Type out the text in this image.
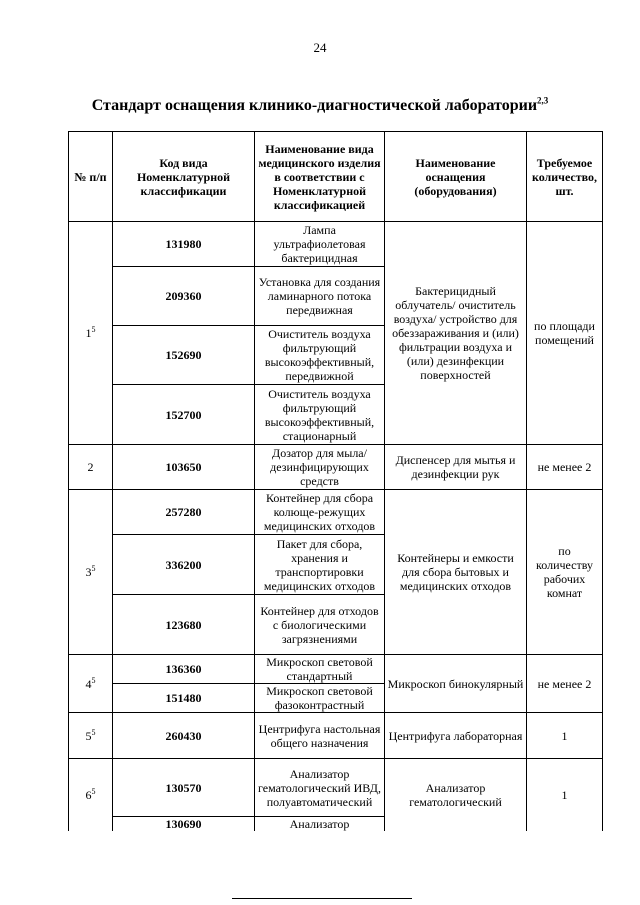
24
Стандарт оснащения клинико-диагностической лаборатории$^{2,3}$
№ п/п	Код вида Номенклатурной классификации	Наименование вида медицинского изделия в соответствии с Номенклатурной классификацией	Наименование оснащения (оборудования)	Требуемое количество, шт.
$1^5$	131980	Лампа ультрафиолетовая бактерицидная	Бактерицидный облучатель/ очиститель воздуха/ устройство для обеззараживания и (или) фильтрации воздуха и (или) дезинфекции поверхностей	по площади помещений
	209360	Установка для создания ламинарного потока передвижная		
	152690	Очиститель воздуха фильтрующий высокоэффективный, передвижной		
	152700	Очиститель воздуха фильтрующий высокоэффективный, стационарный		
2	103650	Дозатор для мыла/ дезинфицирующих средств	Диспенсер для мытья и дезинфекции рук	не менее 2
$3^5$	257280	Контейнер для сбора колюще-режущих медицинских отходов	Контейнеры и емкости для сбора бытовых и медицинских отходов	по количеству рабочих комнат
	336200	Пакет для сбора, хранения и транспортировки медицинских отходов		
	123680	Контейнер для отходов с биологическими загрязнениями		
$4^5$	136360	Микроскоп световой стандартный	Микроскоп бинокулярный	не менее 2
	151480	Микроскоп световой фазоконтрастный		
$5^5$	260430	Центрифуга настольная общего назначения	Центрифуга лабораторная	1
$6^5$	130570	Анализатор гематологический ИВД, полуавтоматический	Анализатор гематологический	1
	130690	Анализатор		
